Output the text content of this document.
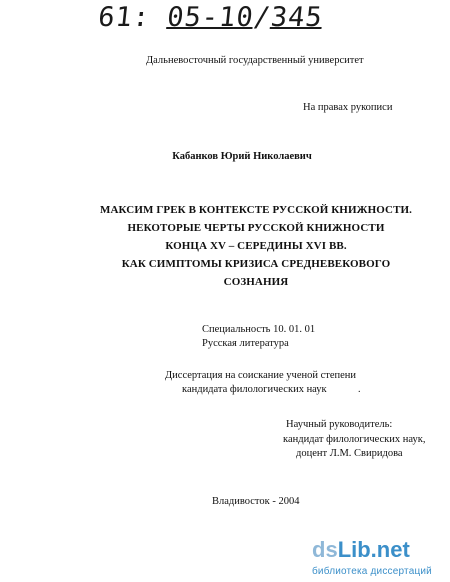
61: 05-10/345
Дальневосточный государственный университет
На правах рукописи
Кабанков Юрий Николаевич
МАКСИМ ГРЕК В КОНТЕКСТЕ РУССКОЙ КНИЖНОСТИ.
НЕКОТОРЫЕ ЧЕРТЫ РУССКОЙ КНИЖНОСТИ
КОНЦА XV – СЕРЕДИНЫ XVI ВВ.
КАК СИМПТОМЫ КРИЗИСА СРЕДНЕВЕКОВОГО
СОЗНАНИЯ
Специальность 10. 01. 01
Русская литература
Диссертация на соискание ученой степени
кандидата филологических наук	.
Научный руководитель:
кандидат филологических наук,
доцент Л.М. Свиридова
Владивосток - 2004
dsLib.net
библиотека диссертаций
